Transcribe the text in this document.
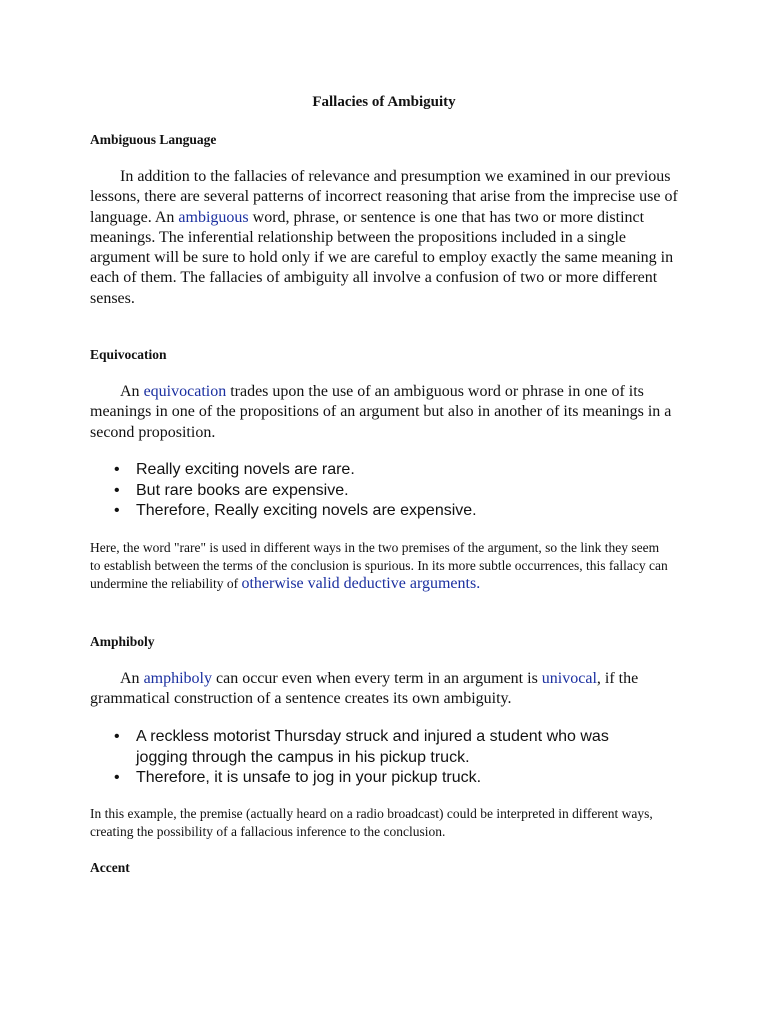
Fallacies of Ambiguity
Ambiguous Language

In addition to the fallacies of relevance and presumption we examined in our previous lessons, there are several patterns of incorrect reasoning that arise from the imprecise use of language. An ambiguous word, phrase, or sentence is one that has two or more distinct meanings. The inferential relationship between the propositions included in a single argument will be sure to hold only if we are careful to employ exactly the same meaning in each of them. The fallacies of ambiguity all involve a confusion of two or more different senses.

Equivocation

An equivocation trades upon the use of an ambiguous word or phrase in one of its meanings in one of the propositions of an argument but also in another of its meanings in a second proposition.

• Really exciting novels are rare.
• But rare books are expensive.
• Therefore, Really exciting novels are expensive.

Here, the word "rare" is used in different ways in the two premises of the argument, so the link they seem to establish between the terms of the conclusion is spurious. In its more subtle occurrences, this fallacy can undermine the reliability of otherwise valid deductive arguments.

Amphiboly

An amphiboly can occur even when every term in an argument is univocal, if the grammatical construction of a sentence creates its own ambiguity.

• A reckless motorist Thursday struck and injured a student who was jogging through the campus in his pickup truck.
• Therefore, it is unsafe to jog in your pickup truck.

In this example, the premise (actually heard on a radio broadcast) could be interpreted in different ways, creating the possibility of a fallacious inference to the conclusion.

Accent
